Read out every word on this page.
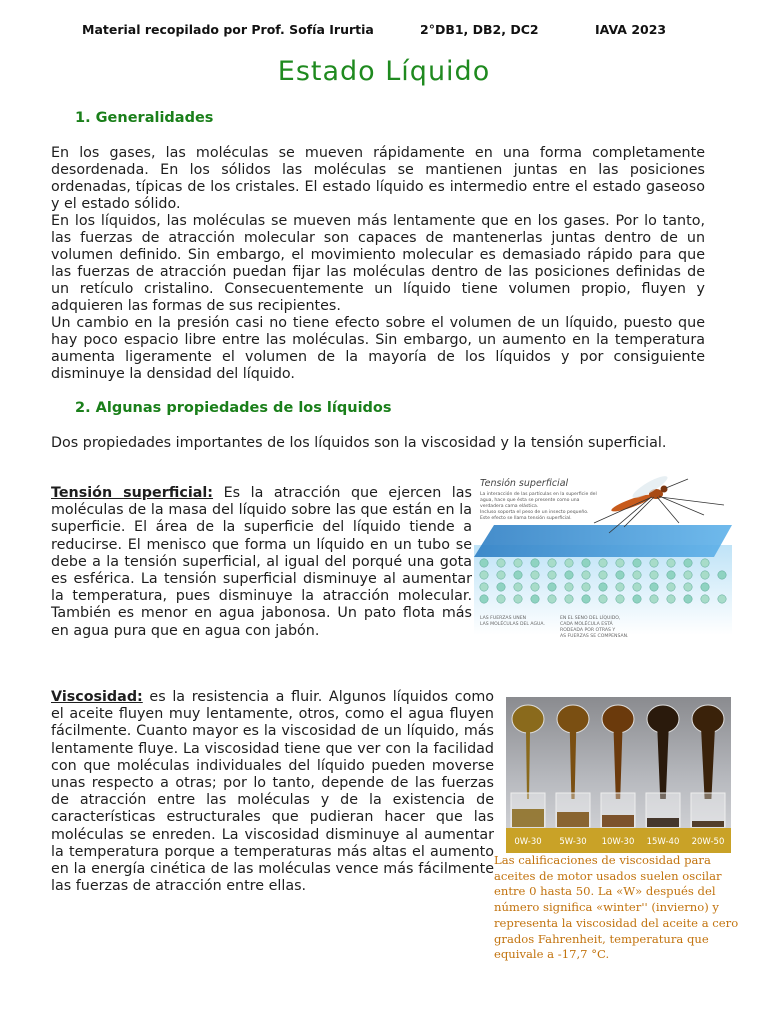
Material recopilado por Prof. Sofía Irurtia	2°DB1, DB2, DC2	IAVA 2023
Estado Líquido
1. Generalidades

En los gases, las moléculas se mueven rápidamente en una forma completamente desordenada. En los sólidos las moléculas se mantienen juntas en las posiciones ordenadas, típicas de los cristales. El estado líquido es intermedio entre el estado gaseoso y el estado sólido.

En los líquidos, las moléculas se mueven más lentamente que en los gases. Por lo tanto, las fuerzas de atracción molecular son capaces de mantenerlas juntas dentro de un volumen definido. Sin embargo, el movimiento molecular es demasiado rápido para que las fuerzas de atracción puedan fijar las moléculas dentro de las posiciones definidas de un retículo cristalino. Consecuentemente un líquido tiene volumen propio, fluyen y adquieren las formas de sus recipientes.

Un cambio en la presión casi no tiene efecto sobre el volumen de un líquido, puesto que hay poco espacio libre entre las moléculas. Sin embargo, un aumento en la temperatura aumenta ligeramente el volumen de la mayoría de los líquidos y por consiguiente disminuye la densidad del líquido.

2. Algunas propiedades de los líquidos
Dos propiedades importantes de los líquidos son la viscosidad y la tensión superficial.
Tensión superficial: Es la atracción que ejercen las moléculas de la masa del líquido sobre las que están en la superficie. El área de la superficie del líquido tiende a reducirse. El menisco que forma un líquido en un tubo se debe a la tensión superficial, al igual del porqué una gota es esférica. La tensión superficial disminuye al aumentar la temperatura, pues disminuye la atracción molecular. También es menor en agua jabonosa. Un pato flota más en agua pura que en agua con jabón.
Tensión superficial
La interacción de las partículas en la superficie del
agua, hace que ésta se presente como una
verdadera cama elástica.
Incluso soporta el peso de un insecto pequeño.
Este efecto se llama tensión superficial.
LAS FUERZAS UNEN
LAS MOLÉCULAS DEL AGUA.
EN EL SENO DEL LÍQUIDO,
CADA MOLÉCULA ESTÁ
RODEADA POR OTRAS Y
AS FUERZAS SE COMPENSAN.
Viscosidad: es la resistencia a fluir. Algunos líquidos como el aceite fluyen muy lentamente, otros, como el agua fluyen fácilmente. Cuanto mayor es la viscosidad de un líquido, más lentamente fluye. La viscosidad tiene que ver con la facilidad con que moléculas individuales del líquido pueden moverse unas respecto a otras; por lo tanto, depende de las fuerzas de atracción entre las moléculas y de la existencia de características estructurales que pudieran hacer que las moléculas se enreden. La viscosidad disminuye al aumentar la temperatura porque a temperaturas más altas el aumento en la energía cinética de las moléculas vence más fácilmente las fuerzas de atracción entre ellas.
0W-30 5W-30 10W-30 15W-40 20W-50
Las calificaciones de viscosidad para aceites de motor usados suelen oscilar entre 0 hasta 50. La «W» después del número significa «winter'' (invierno) y representa la viscosidad del aceite a cero grados Fahrenheit, temperatura que equivale a -17,7 °C.
